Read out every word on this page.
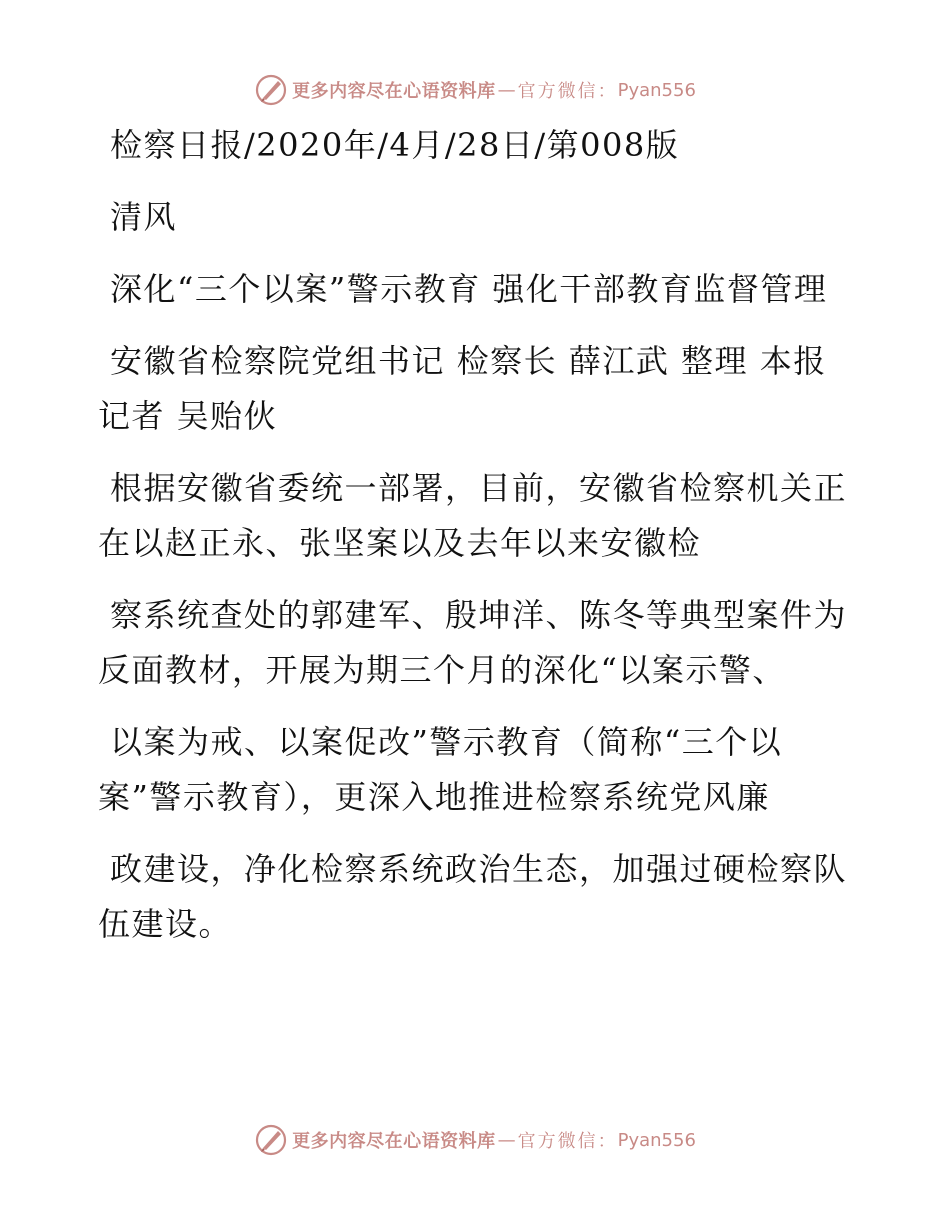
更多内容尽在心语资料库 — 官方微信： Pyan556

检察日报/2020年/4月/28日/第008版

清风

深化“三个以案”警示教育 强化干部教育监督管理

安徽省检察院党组书记 检察长 薛江武 整理 本报记者 吴贻伙

根据安徽省委统一部署，目前，安徽省检察机关正在以赵正永、张坚案以及去年以来安徽检

察系统查处的郭建军、殷坤洋、陈冬等典型案件为反面教材，开展为期三个月的深化“以案示警、

以案为戒、以案促改”警示教育（简称“三个以案”警示教育），更深入地推进检察系统党风廉

政建设，净化检察系统政治生态，加强过硬检察队伍建设。

更多内容尽在心语资料库 — 官方微信： Pyan556
